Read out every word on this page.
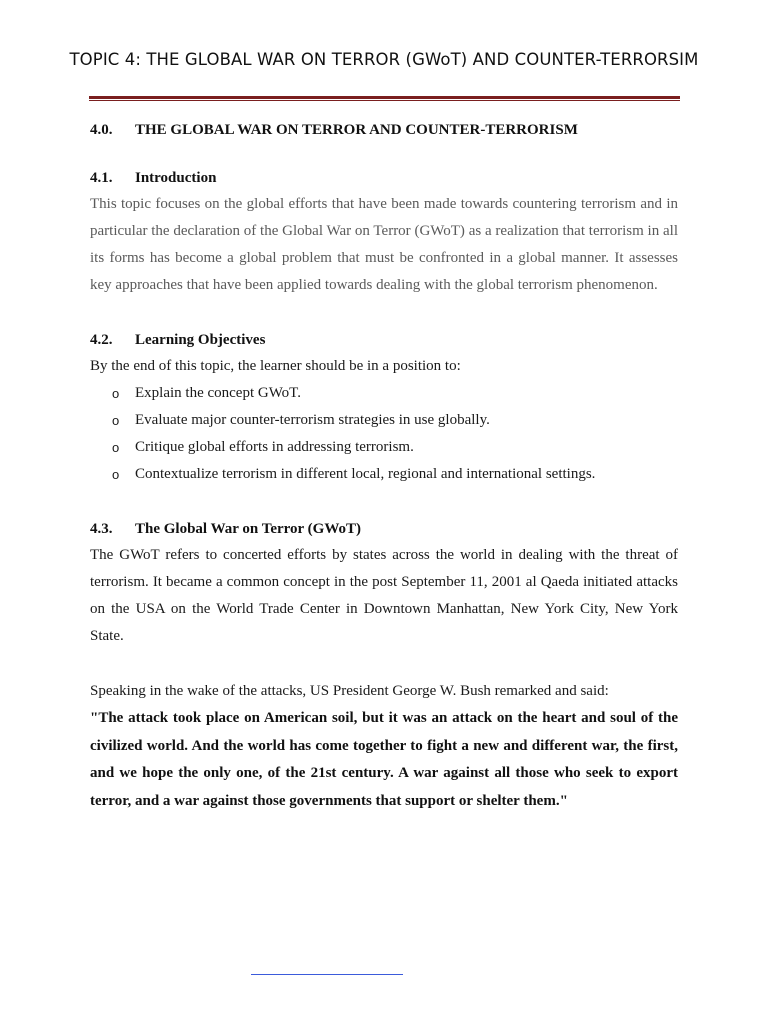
TOPIC 4: THE GLOBAL WAR ON TERROR (GWoT) AND COUNTER-TERRORSIM
4.0.	THE GLOBAL WAR ON TERROR AND COUNTER-TERRORISM
4.1.	Introduction

This topic focuses on the global efforts that have been made towards countering terrorism and in particular the declaration of the Global War on Terror (GWoT) as a realization that terrorism in all its forms has become a global problem that must be confronted in a global manner. It assesses key approaches that have been applied towards dealing with the global terrorism phenomenon.

4.2.	Learning Objectives

By the end of this topic, the learner should be in a position to:

o	Explain the concept GWoT.
o	Evaluate major counter-terrorism strategies in use globally.
o	Critique global efforts in addressing terrorism.
o	Contextualize terrorism in different local, regional and international settings.
4.3.	The Global War on Terror (GWoT)

The GWoT refers to concerted efforts by states across the world in dealing with the threat of terrorism. It became a common concept in the post September 11, 2001 al Qaeda initiated attacks on the USA on the World Trade Center in Downtown Manhattan, New York City, New York State.

Speaking in the wake of the attacks, US President George W. Bush remarked and said:

"The attack took place on American soil, but it was an attack on the heart and soul of the civilized world. And the world has come together to fight a new and different war, the first, and we hope the only one, of the 21st century. A war against all those who seek to export terror, and a war against those governments that support or shelter them."
